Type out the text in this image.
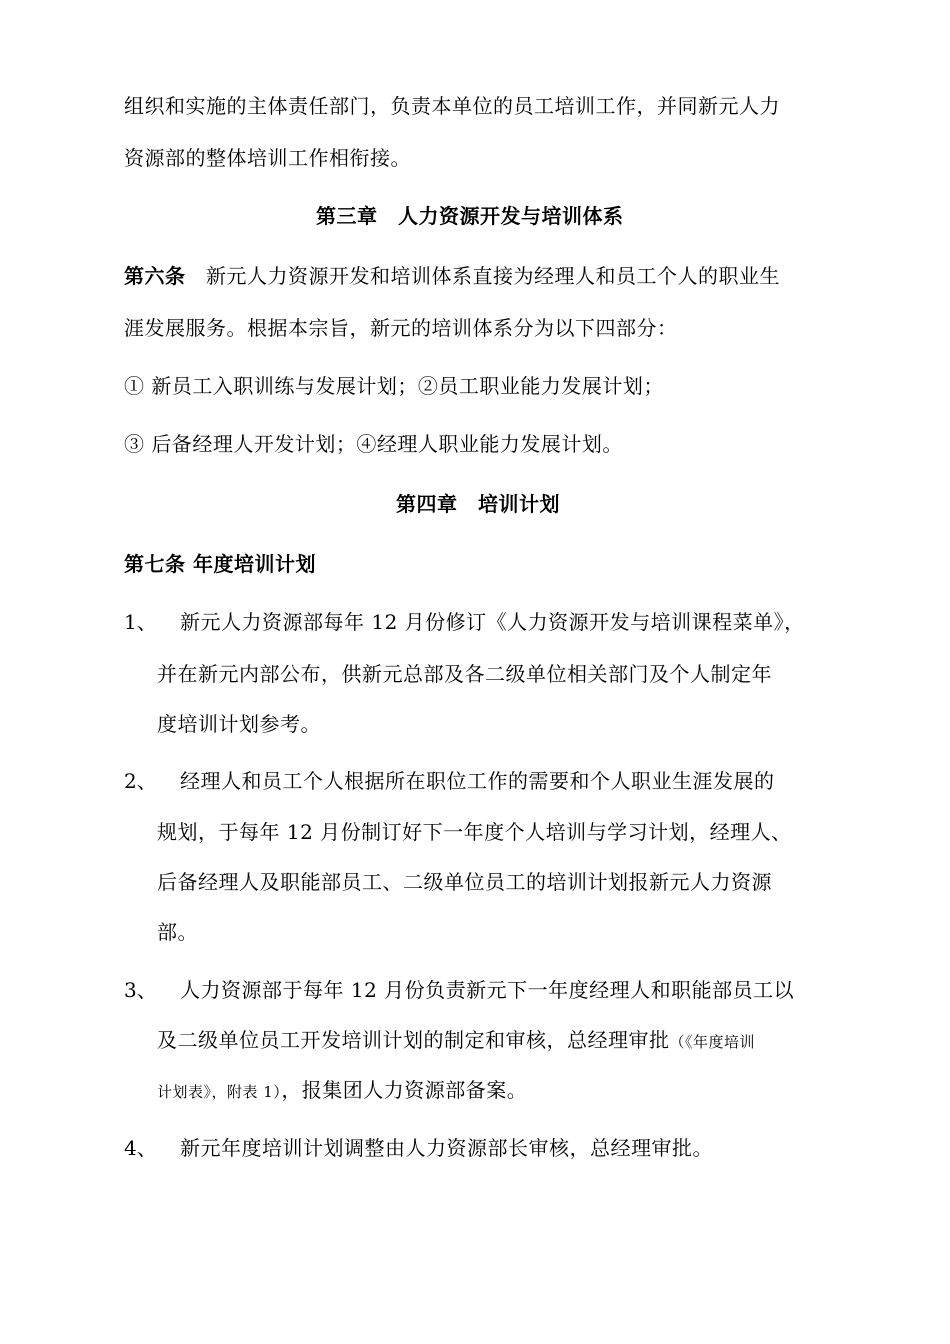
组织和实施的主体责任部门，负责本单位的员工培训工作，并同新元人力
资源部的整体培训工作相衔接。
第三章　人力资源开发与培训体系
第六条　新元人力资源开发和培训体系直接为经理人和员工个人的职业生
涯发展服务。根据本宗旨，新元的培训体系分为以下四部分：
① 新员工入职训练与发展计划；②员工职业能力发展计划；
③ 后备经理人开发计划；④经理人职业能力发展计划。
第四章　培训计划
第七条 年度培训计划
1、 新元人力资源部每年 12 月份修订《人力资源开发与培训课程菜单》，
并在新元内部公布，供新元总部及各二级单位相关部门及个人制定年
度培训计划参考。
2、 经理人和员工个人根据所在职位工作的需要和个人职业生涯发展的
规划，于每年 12 月份制订好下一年度个人培训与学习计划，经理人、
后备经理人及职能部员工、二级单位员工的培训计划报新元人力资源
部。
3、 人力资源部于每年 12 月份负责新元下一年度经理人和职能部员工以
及二级单位员工开发培训计划的制定和审核，总经理审批（《年度培训
计划表》，附表 1），报集团人力资源部备案。
4、 新元年度培训计划调整由人力资源部长审核，总经理审批。
